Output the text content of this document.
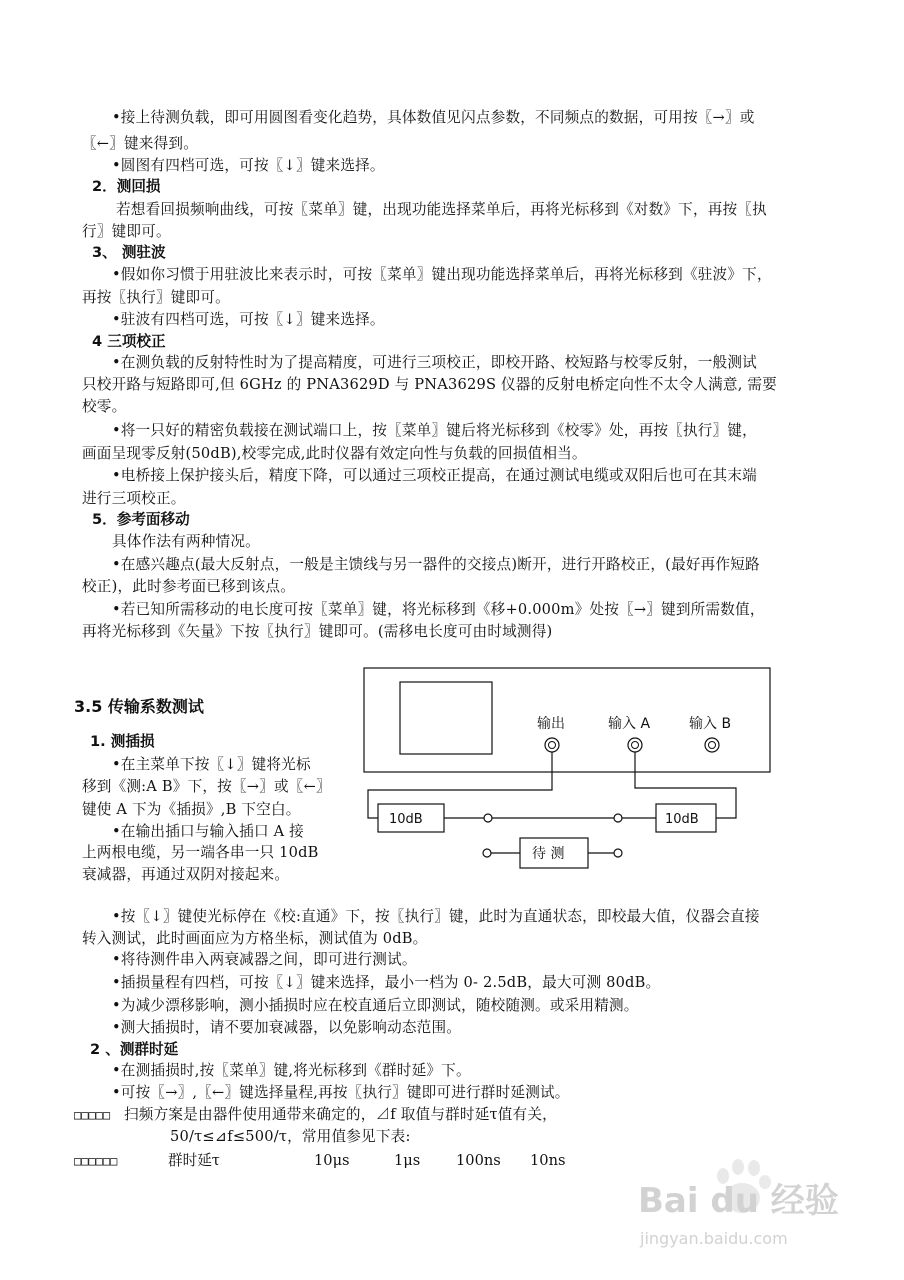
•接上待测负载，即可用圆图看变化趋势，具体数值见闪点参数，不同频点的数据，可用按〖→〗或
〖←〗键来得到。
•圆图有四档可选，可按〖↓〗键来选择。
2．测回损
若想看回损频响曲线，可按〖菜单〗键，出现功能选择菜单后，再将光标移到《对数》下，再按〖执
行〗键即可。
3、 测驻波
•假如你习惯于用驻波比来表示时，可按〖菜单〗键出现功能选择菜单后，再将光标移到《驻波》下，
再按〖执行〗键即可。
•驻波有四档可选，可按〖↓〗键来选择。
4 三项校正
•在测负载的反射特性时为了提高精度，可进行三项校正，即校开路、校短路与校零反射，一般测试
只校开路与短路即可,但 6GHz 的 PNA3629D 与 PNA3629S 仪器的反射电桥定向性不太令人满意, 需要
校零。
•将一只好的精密负载接在测试端口上，按〖菜单〗键后将光标移到《校零》处，再按〖执行〗键，
画面呈现零反射(50dB),校零完成,此时仪器有效定向性与负载的回损值相当。
•电桥接上保护接头后，精度下降，可以通过三项校正提高，在通过测试电缆或双阳后也可在其末端
进行三项校正。
5．参考面移动
具体作法有两种情况。
•在感兴趣点(最大反射点，一般是主馈线与另一器件的交接点)断开，进行开路校正，(最好再作短路
校正)，此时参考面已移到该点。
•若已知所需移动的电长度可按〖菜单〗键，将光标移到《移+0.000m》处按〖→〗键到所需数值，
再将光标移到《矢量》下按〖执行〗键即可。(需移电长度可由时域测得)
3.5 传输系数测试
1. 测插损
•在主菜单下按〖↓〗键将光标
移到《测:A B》下，按〖→〗或〖←〗
键使 A 下为《插损》,B 下空白。
•在输出插口与输入插口 A 接
上两根电缆，另一端各串一只 10dB
衰减器，再通过双阴对接起来。
•按〖↓〗键使光标停在《校:直通》下，按〖执行〗键，此时为直通状态，即校最大值，仪器会直接
转入测试，此时画面应为方格坐标，测试值为 0dB。
•将待测件串入两衰减器之间，即可进行测试。
•插损量程有四档，可按〖↓〗键来选择，最小一档为 0- 2.5dB，最大可测 80dB。
•为减少漂移影响，测小插损时应在校直通后立即测试，随校随测。或采用精测。
•测大插损时，请不要加衰减器，以免影响动态范围。
2 、测群时延
•在测插损时,按〖菜单〗键,将光标移到《群时延》下。
•可按〖→〗,〖←〗键选择量程,再按〖执行〗键即可进行群时延测试。
□□□□□ 扫频方案是由器件使用通带来确定的，⊿f 取值与群时延τ值有关，
50/τ≤⊿f≤500/τ，常用值参见下表:
□□□□□□	群时延τ	10μs	1μs 100ns 10ns
输出	输入 A	输入 B
10dB	10dB
待 测
Bai du 经验
jingyan.baidu.com
